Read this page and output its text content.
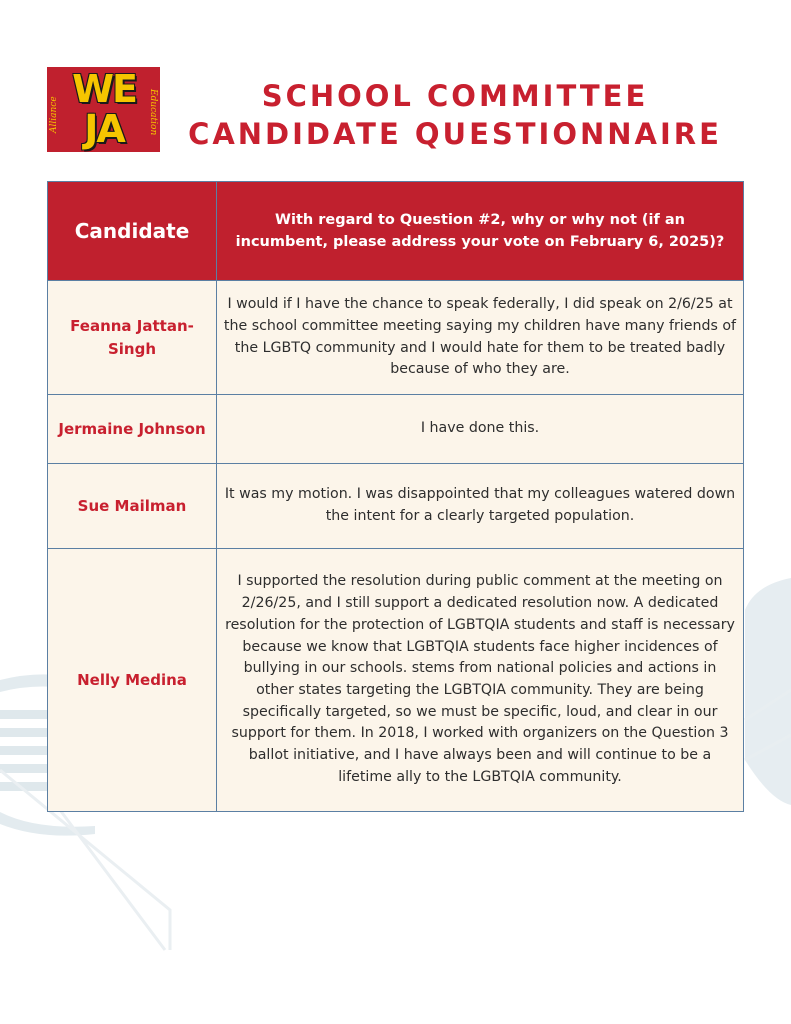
Alliance
WE
JA	Education	SCHOOL COMMITTEE
CANDIDATE QUESTIONNAIRE
Candidate	With regard to Question #2, why or why not (if an incumbent, please address your vote on February 6, 2025)?
Feanna Jattan-Singh	I would if I have the chance to speak federally, I did speak on 2/6/25 at the school committee meeting saying my children have many friends of the LGBTQ community and I would hate for them to be treated badly because of who they are.
Jermaine Johnson	I have done this.
Sue Mailman	It was my motion. I was disappointed that my colleagues watered down the intent for a clearly targeted population.
Nelly Medina	I supported the resolution during public comment at the meeting on 2/26/25, and I still support a dedicated resolution now. A dedicated resolution for the protection of LGBTQIA students and staff is necessary because we know that LGBTQIA students face higher incidences of bullying in our schools. stems from national policies and actions in other states targeting the LGBTQIA community. They are being specifically targeted, so we must be specific, loud, and clear in our support for them. In 2018, I worked with organizers on the Question 3 ballot initiative, and I have always been and will continue to be a lifetime ally to the LGBTQIA community.
